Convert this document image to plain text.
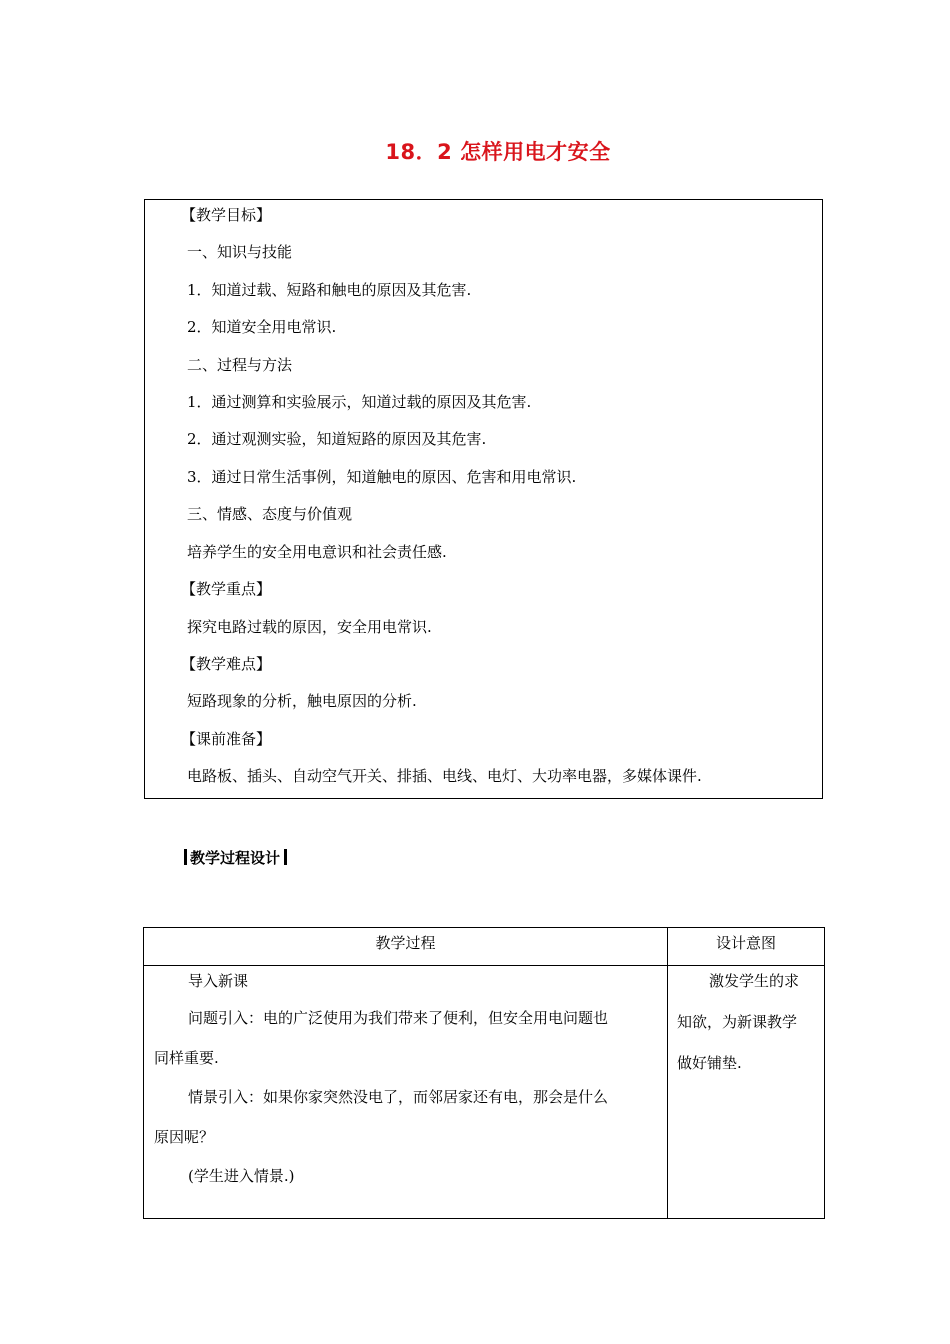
18．2 怎样用电才安全
【教学目标】
一、知识与技能
1．知道过载、短路和触电的原因及其危害.
2．知道安全用电常识.
二、过程与方法
1．通过测算和实验展示，知道过载的原因及其危害.
2．通过观测实验，知道短路的原因及其危害.
3．通过日常生活事例，知道触电的原因、危害和用电常识.
三、情感、态度与价值观
培养学生的安全用电意识和社会责任感.
【教学重点】
探究电路过载的原因，安全用电常识.
【教学难点】
短路现象的分析，触电原因的分析.
【课前准备】
电路板、插头、自动空气开关、排插、电线、电灯、大功率电器，多媒体课件.
教学过程设计
教学过程	设计意图
导入新课
问题引入：电的广泛使用为我们带来了便利，但安全用电问题也
同样重要.
情景引入：如果你家突然没电了，而邻居家还有电，那会是什么
原因呢？
(学生进入情景.)
激发学生的求
知欲，为新课教学
做好铺垫.
